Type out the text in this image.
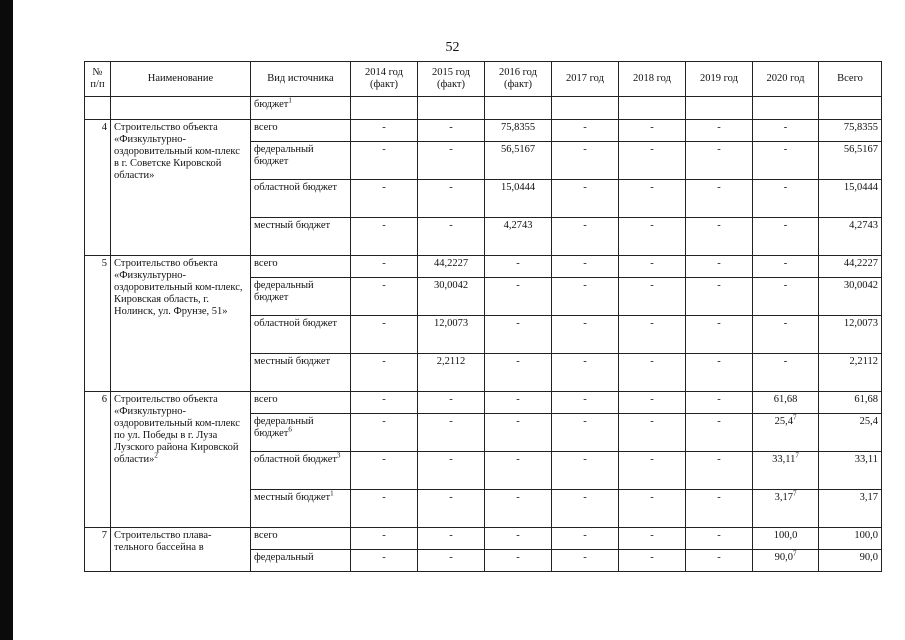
52
№ п/п	Наименование	Вид источника	2014 год (факт)	2015 год (факт)	2016 год (факт)	2017 год	2018 год	2019 год	2020 год	Всего
		бюджет$^1$								
4	Строительство объекта «Физкультурно-оздоровительный ком-плекс в г. Советске Кировской области»	всего	-	-	75,8355	-	-	-	-	75,8355
		федеральный бюджет	-	-	56,5167	-	-	-	-	56,5167
		областной бюджет	-	-	15,0444	-	-	-	-	15,0444
		местный бюджет	-	-	4,2743	-	-	-	-	4,2743
5	Строительство объекта «Физкультурно-оздоровительный ком-плекс, Кировская область, г. Нолинск, ул. Фрунзе, 51»	всего	-	44,2227	-	-	-	-	-	44,2227
		федеральный бюджет	-	30,0042	-	-	-	-	-	30,0042
		областной бюджет	-	12,0073	-	-	-	-	-	12,0073
		местный бюджет	-	2,2112	-	-	-	-	-	2,2112
6	Строительство объекта «Физкультурно-оздоровительный ком-плекс по ул. Победы в г. Луза Лузского района Кировской области»$^2$	всего	-	-	-	-	-	-	61,68	61,68
		федеральный бюджет$^6$	-	-	-	-	-	-	25,4$^7$	25,4
		областной бюджет$^3$	-	-	-	-	-	-	33,11$^7$	33,11
		местный бюджет$^1$	-	-	-	-	-	-	3,17$^7$	3,17
7	Строительство плава-тельного бассейна в	всего	-	-	-	-	-	-	100,0	100,0
		федеральный	-	-	-	-	-	-	90,0$^7$	90,0
